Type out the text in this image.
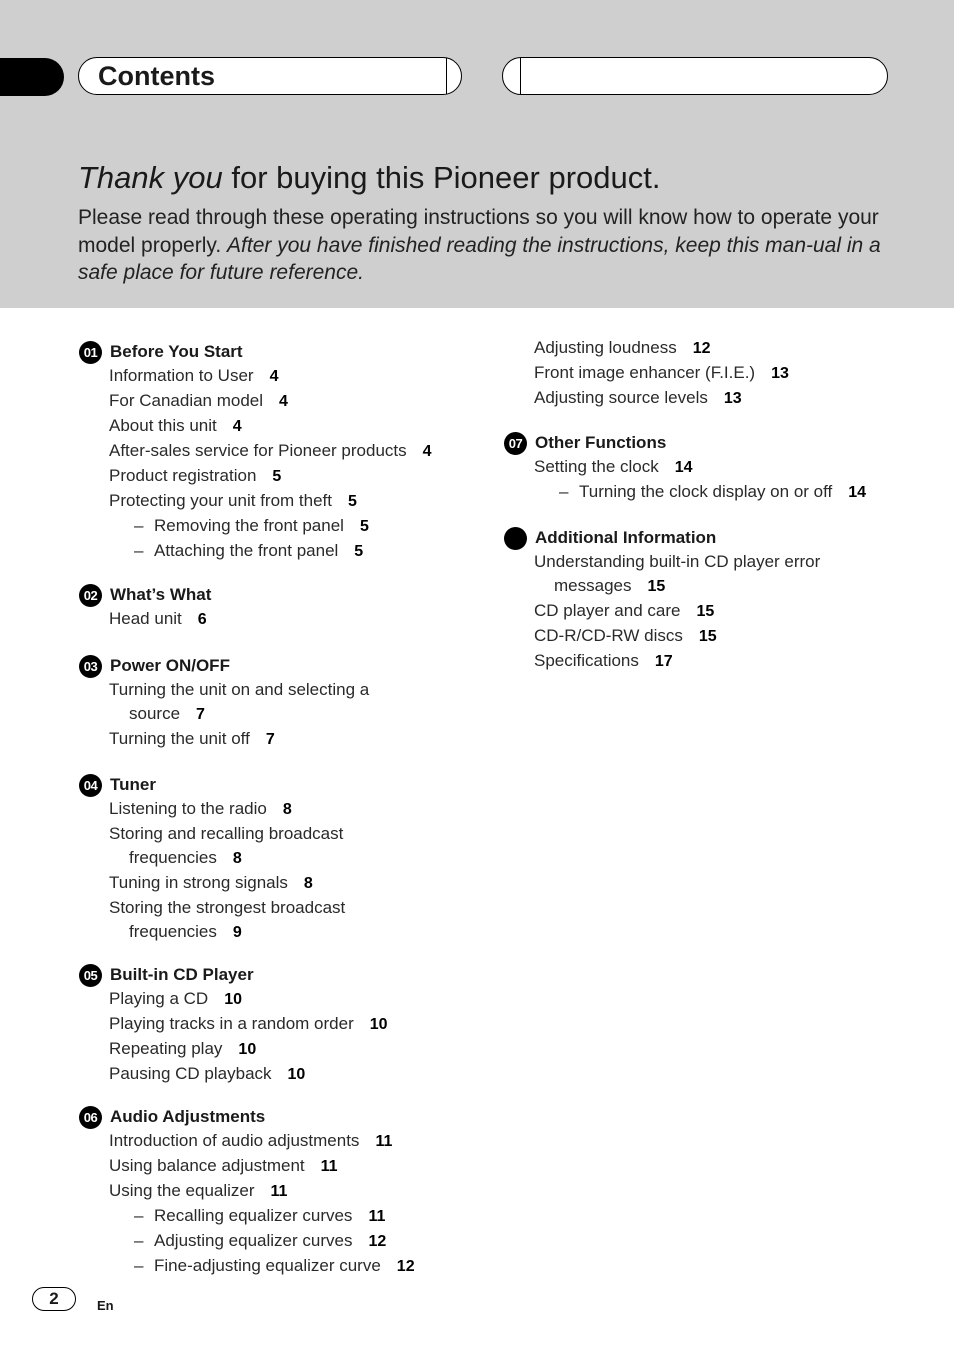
Contents
Thank you for buying this Pioneer product.
Please read through these operating instructions so you will know how to operate your model properly. After you have finished reading the instructions, keep this man-ual in a safe place for future reference.
01 Before You Start
Information to User 4
For Canadian model 4
About this unit 4
After-sales service for Pioneer products 4
Product registration 5
Protecting your unit from theft 5
– Removing the front panel 5
– Attaching the front panel 5
02 What’s What
Head unit 6
03 Power ON/OFF
Turning the unit on and selecting a
source 7
Turning the unit off 7
04 Tuner
Listening to the radio 8
Storing and recalling broadcast
frequencies 8
Tuning in strong signals 8
Storing the strongest broadcast
frequencies 9
05 Built-in CD Player
Playing a CD 10
Playing tracks in a random order 10
Repeating play 10
Pausing CD playback 10
06 Audio Adjustments
Introduction of audio adjustments 11
Using balance adjustment 11
Using the equalizer 11
– Recalling equalizer curves 11
– Adjusting equalizer curves 12
– Fine-adjusting equalizer curve 12
Adjusting loudness 12
Front image enhancer (F.I.E.) 13
Adjusting source levels 13
07 Other Functions
Setting the clock 14
– Turning the clock display on or off 14
Additional Information
Understanding built-in CD player error
messages 15
CD player and care 15
CD-R/CD-RW discs 15
Specifications 17
2	En
